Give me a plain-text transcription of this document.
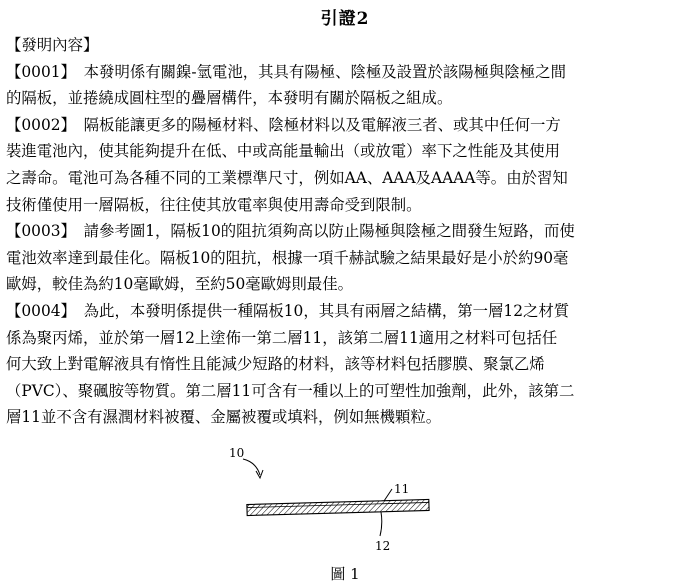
引證2
【發明內容】
【0001】　 本發明係有關鎳-氫電池，其具有陽極、陰極及設置於該陽極與陰極之間
的隔板，並捲繞成圓柱型的疊層構件，本發明有關於隔板之組成。
【0002】　 隔板能讓更多的陽極材料、陰極材料以及電解液三者、或其中任何一方
裝進電池內，使其能夠提升在低、中或高能量輸出（或放電）率下之性能及其使用
之壽命。電池可為各種不同的工業標準尺寸，例如AA、AAA及AAAA等。由於習知
技術僅使用一層隔板，往往使其放電率與使用壽命受到限制。
【0003】　 請參考圖1，隔板10的阻抗須夠高以防止陽極與陰極之間發生短路，而使
電池效率達到最佳化。隔板10的阻抗，根據一項千赫試驗之結果最好是小於約90毫
歐姆，較佳為約10毫歐姆，至約50毫歐姆則最佳。
【0004】　 為此，本發明係提供一種隔板10，其具有兩層之結構，第一層12之材質
係為聚丙烯，並於第一層12上塗佈一第二層11，該第二層11適用之材料可包括任
何大致上對電解液具有惰性且能減少短路的材料，該等材料包括膠膜、聚氯乙烯
（PVC）、聚碸胺等物質。第二層11可含有一種以上的可塑性加強劑，此外，該第二
層11並不含有濕潤材料被覆、金屬被覆或填料，例如無機顆粒。
10
11
12
圖 1
